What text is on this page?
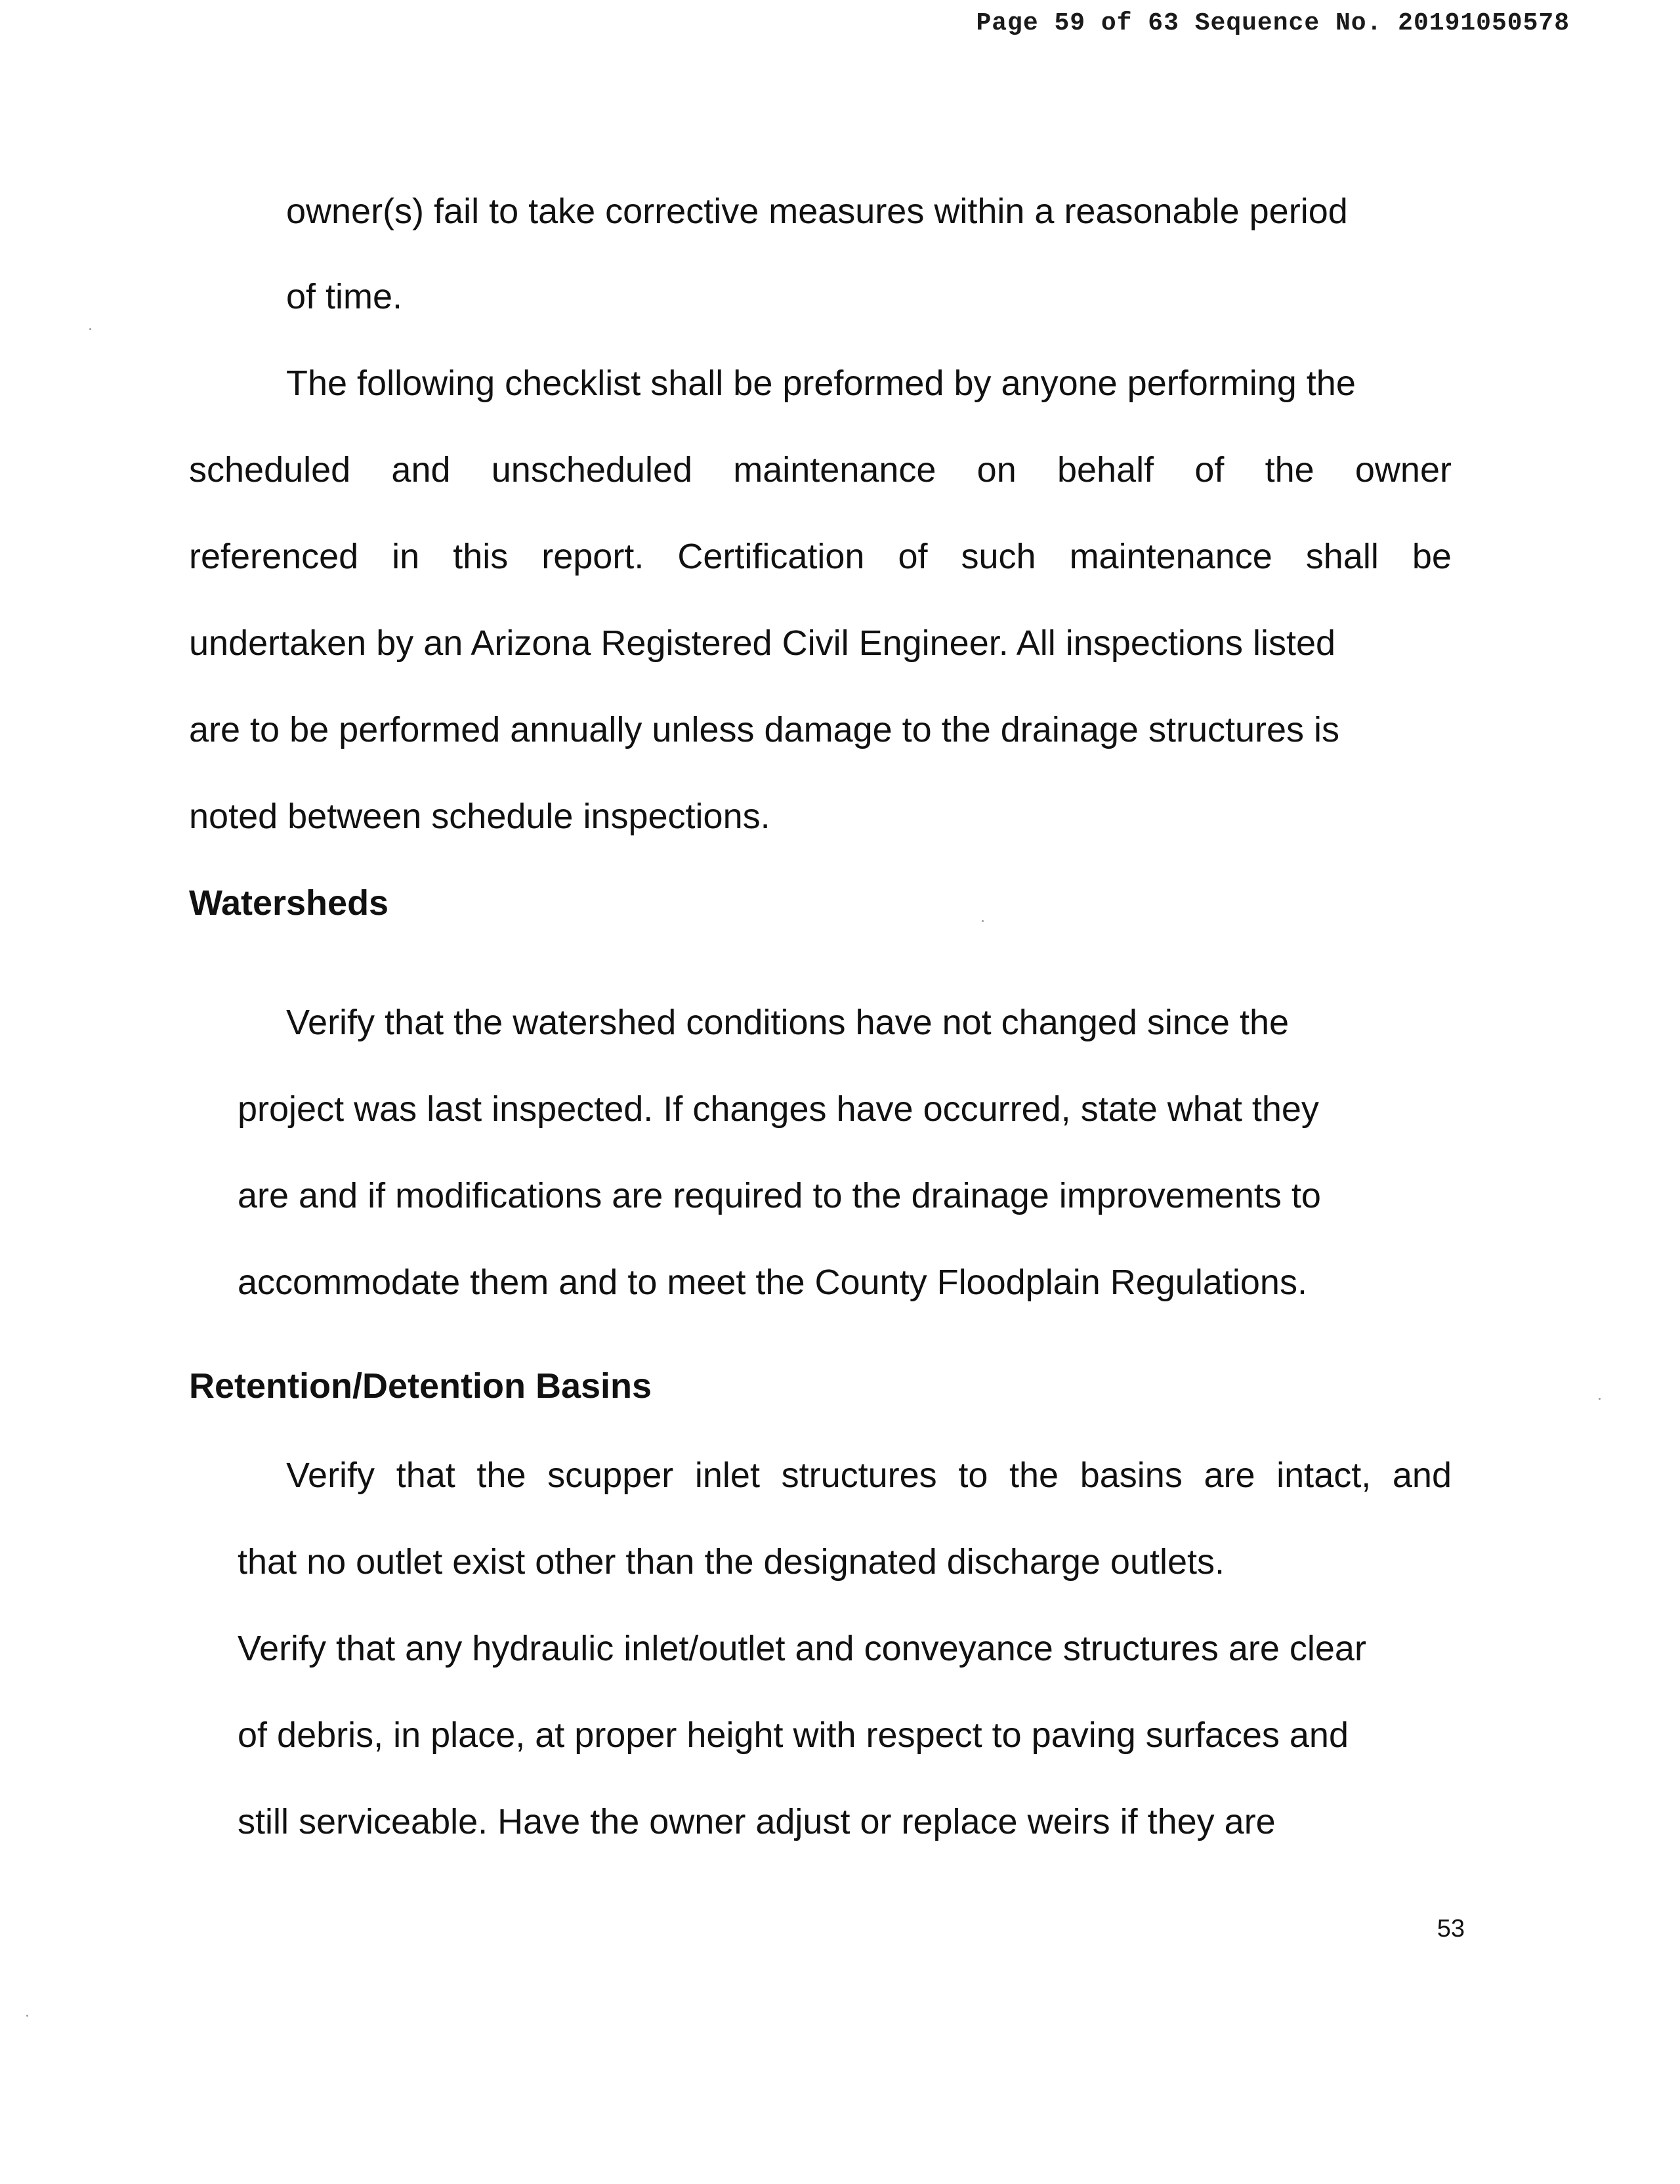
Page 59 of 63 Sequence No. 20191050578
owner(s) fail to take corrective measures within a reasonable period
of time.
The following checklist shall be preformed by anyone performing the
scheduled and unscheduled maintenance on behalf of the owner
referenced in this report. Certification of such maintenance shall be
undertaken by an Arizona Registered Civil Engineer. All inspections listed
are to be performed annually unless damage to the drainage structures is
noted between schedule inspections.
Watersheds
Verify that the watershed conditions have not changed since the
project was last inspected. If changes have occurred, state what they
are and if modifications are required to the drainage improvements to
accommodate them and to meet the County Floodplain Regulations.
Retention/Detention Basins
Verify that the scupper inlet structures to the basins are intact, and
that no outlet exist other than the designated discharge outlets.
Verify that any hydraulic inlet/outlet and conveyance structures are clear
of debris, in place, at proper height with respect to paving surfaces and
still serviceable. Have the owner adjust or replace weirs if they are
53
